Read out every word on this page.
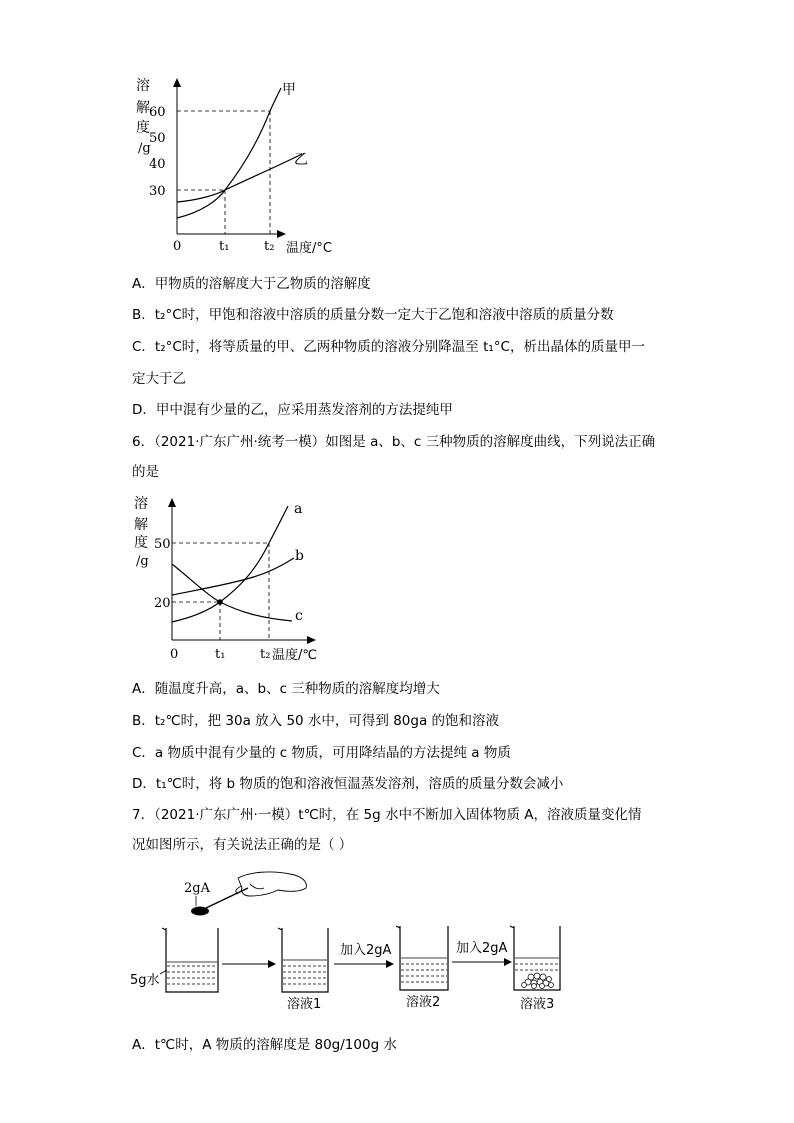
溶
解
度
/g
60
50
40
30
0	t₁	t₂ 温度/°C
甲
乙
A．甲物质的溶解度大于乙物质的溶解度
B．t₂°C时，甲饱和溶液中溶质的质量分数一定大于乙饱和溶液中溶质的质量分数
C．t₂°C时，将等质量的甲、乙两种物质的溶液分别降温至 t₁°C，析出晶体的质量甲一
定大于乙
D．甲中混有少量的乙，应采用蒸发溶剂的方法提纯甲
6．（2021·广东广州·统考一模）如图是 a、b、c 三种物质的溶解度曲线，下列说法正确
的是
溶
解
度
/g
50
20
0	t₁	t₂ 温度/℃
a
b
c
A．随温度升高，a、b、c 三种物质的溶解度均增大
B．t₂℃时，把 30a 放入 50 水中，可得到 80ga 的饱和溶液
C．a 物质中混有少量的 c 物质，可用降结晶的方法提纯 a 物质
D．t₁℃时，将 b 物质的饱和溶液恒温蒸发溶剂，溶质的质量分数会减小
7．（2021·广东广州·一模）t℃时，在 5g 水中不断加入固体物质 A，溶液质量变化情
况如图所示，有关说法正确的是（ ）
2gA
5g水
溶液1
加入2gA
溶液2
加入2gA
溶液3
A．t℃时，A 物质的溶解度是 80g/100g 水
